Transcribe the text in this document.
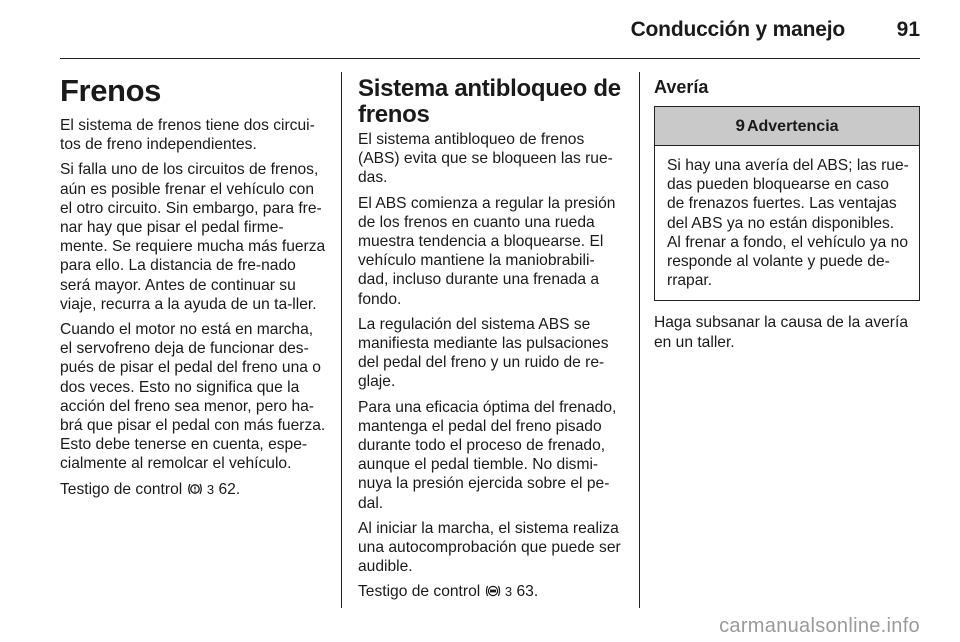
Conducción y manejo 91
Frenos

El sistema de frenos tiene dos circui-tos de freno independientes.

Si falla uno de los circuitos de frenos, aún es posible frenar el vehículo con el otro circuito. Sin embargo, para fre-nar hay que pisar el pedal firme-mente. Se requiere mucha más fuerza para ello. La distancia de fre-nado será mayor. Antes de continuar su viaje, recurra a la ayuda de un ta-ller.

Cuando el motor no está en marcha, el servofreno deja de funcionar des-pués de pisar el pedal del freno una o dos veces. Esto no significa que la acción del freno sea menor, pero ha-brá que pisar el pedal con más fuerza. Esto debe tenerse en cuenta, espe-cialmente al remolcar el vehículo.

Testigo de control 3 62.

Sistema antibloqueo de frenos

El sistema antibloqueo de frenos (ABS) evita que se bloqueen las rue-das.

El ABS comienza a regular la presión de los frenos en cuanto una rueda muestra tendencia a bloquearse. El vehículo mantiene la maniobrabili-dad, incluso durante una frenada a fondo.

La regulación del sistema ABS se manifiesta mediante las pulsaciones del pedal del freno y un ruido de re-glaje.

Para una eficacia óptima del frenado, mantenga el pedal del freno pisado durante todo el proceso de frenado, aunque el pedal tiemble. No dismi-nuya la presión ejercida sobre el pe-dal.

Al iniciar la marcha, el sistema realiza una autocomprobación que puede ser audible.

Testigo de control 3 63.

Avería
9 Advertencia
Si hay una avería del ABS; las rue-das pueden bloquearse en caso de frenazos fuertes. Las ventajas del ABS ya no están disponibles. Al frenar a fondo, el vehículo ya no responde al volante y puede de-rrapar.

Haga subsanar la causa de la avería en un taller.

carmanualsonline.info
